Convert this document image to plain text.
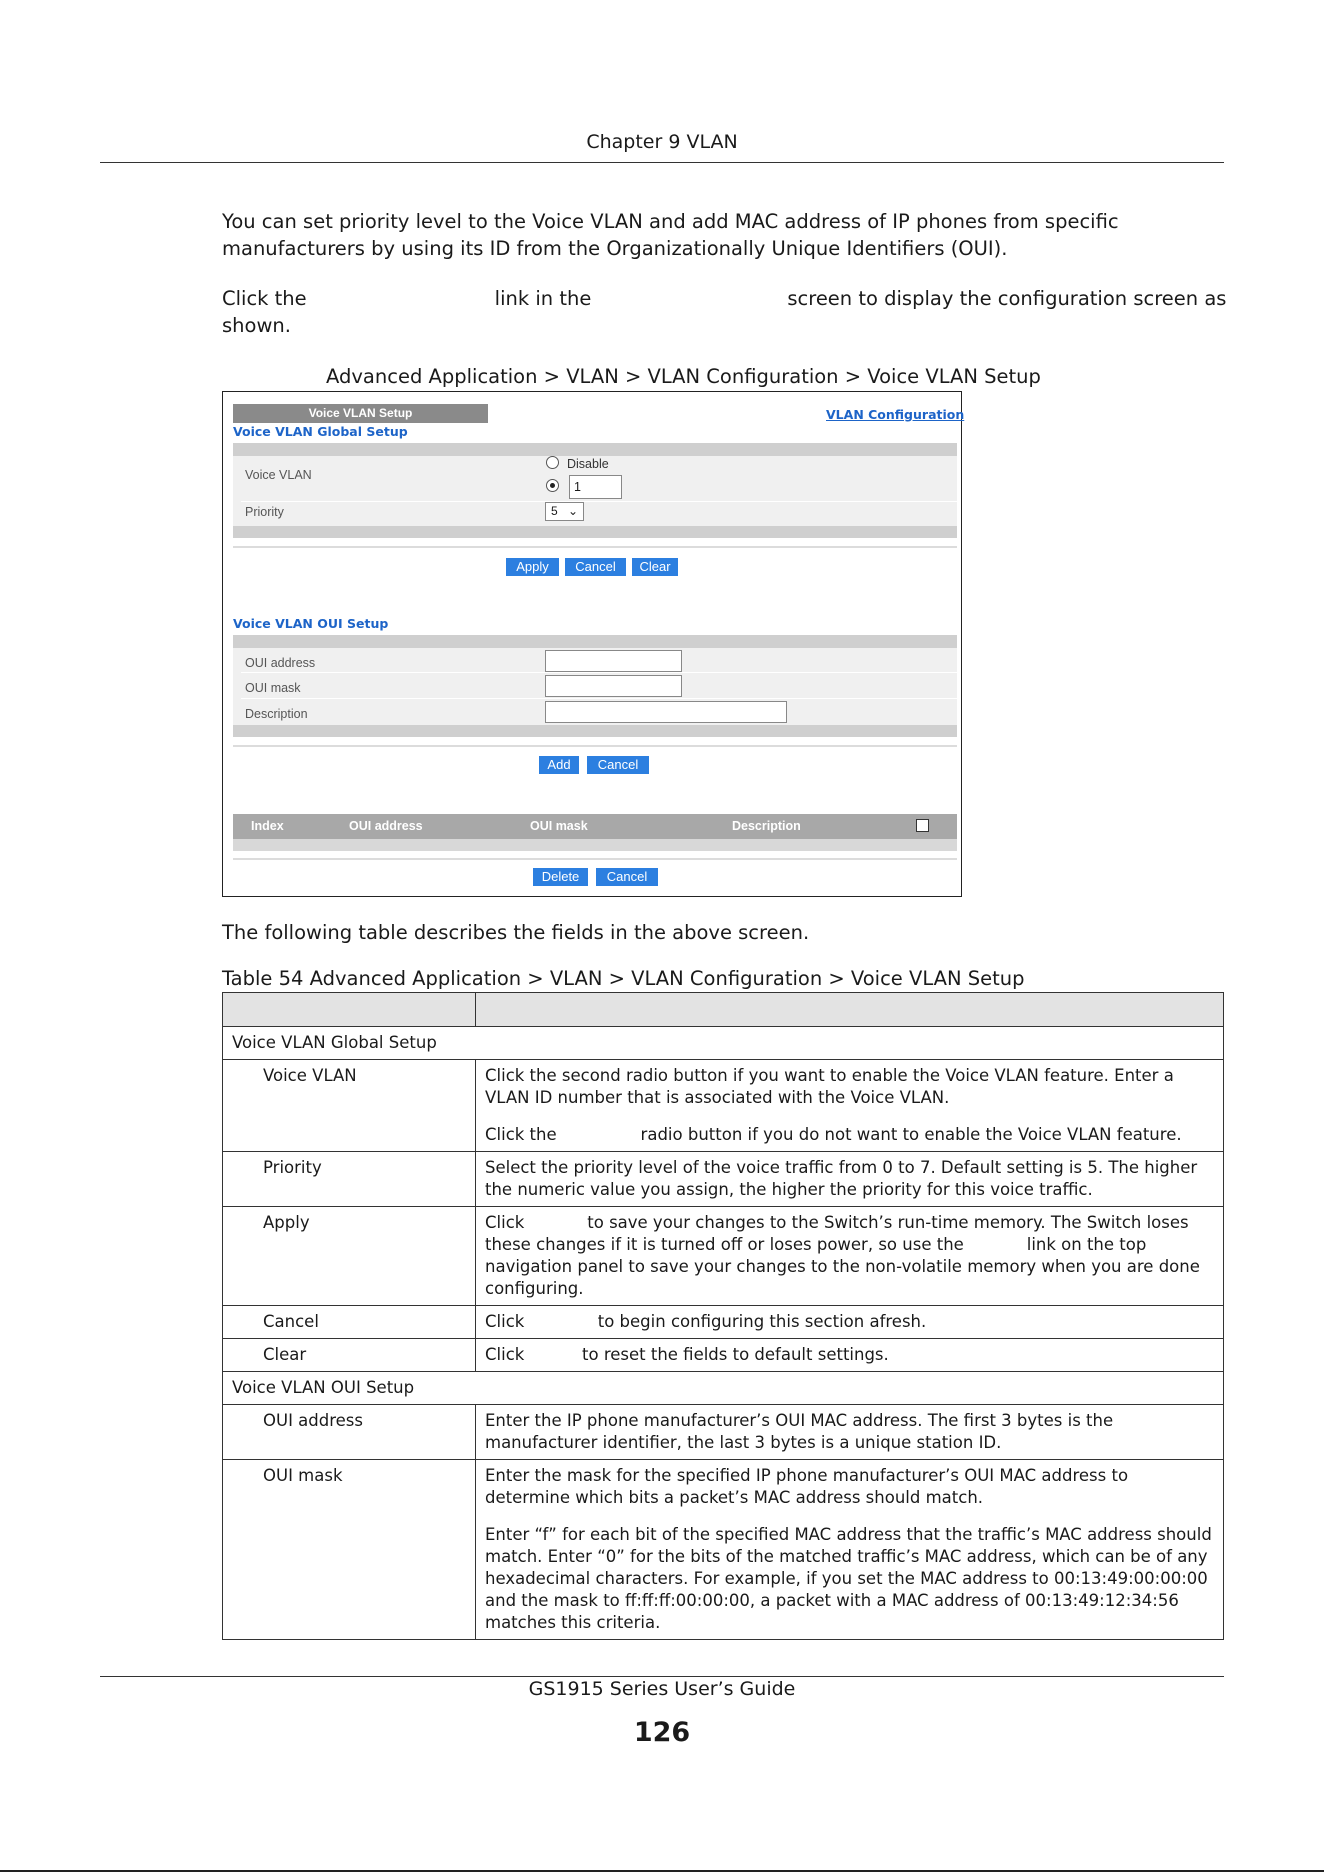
Chapter 9 VLAN

You can set priority level to the Voice VLAN and add MAC address of IP phones from specific manufacturers by using its ID from the Organizationally Unique Identifiers (OUI).

Click the	link in the	screen to display the configuration screen as shown.

Advanced Application > VLAN > VLAN Configuration > Voice VLAN Setup
Voice VLAN Setup	VLAN Configuration
Voice VLAN Global Setup
Voice VLAN
Disable
1
Priority	5 ⌄
Apply	Cancel	Clear
Voice VLAN OUI Setup
OUI address
OUI mask
Description
Add	Cancel
Index	OUI address	OUI mask	Description
Delete	Cancel
The following table describes the fields in the above screen.
Table 54 Advanced Application > VLAN > VLAN Configuration > Voice VLAN Setup

Voice VLAN Global Setup	
Voice VLAN	Click the second radio button if you want to enable the Voice VLAN feature. Enter a VLAN ID number that is associated with the Voice VLAN.

Click the                radio button if you do not want to enable the Voice VLAN feature.

Priority	Select the priority level of the voice traffic from 0 to 7. Default setting is 5. The higher the numeric value you assign, the higher the priority for this voice traffic.

Apply	Click            to save your changes to the Switch’s run-time memory. The Switch loses these changes if it is turned off or loses power, so use the            link on the top navigation panel to save your changes to the non-volatile memory when you are done configuring.

Cancel	Click              to begin configuring this section afresh.

Clear	Click           to reset the fields to default settings.

Voice VLAN OUI Setup	
OUI address	Enter the IP phone manufacturer’s OUI MAC address. The first 3 bytes is the manufacturer identifier, the last 3 bytes is a unique station ID.

OUI mask	Enter the mask for the specified IP phone manufacturer’s OUI MAC address to determine which bits a packet’s MAC address should match.

Enter “f” for each bit of the specified MAC address that the traffic’s MAC address should match. Enter “0” for the bits of the matched traffic’s MAC address, which can be of any hexadecimal characters. For example, if you set the MAC address to 00:13:49:00:00:00 and the mask to ff:ff:ff:00:00:00, a packet with a MAC address of 00:13:49:12:34:56 matches this criteria.

GS1915 Series User’s Guide
126
